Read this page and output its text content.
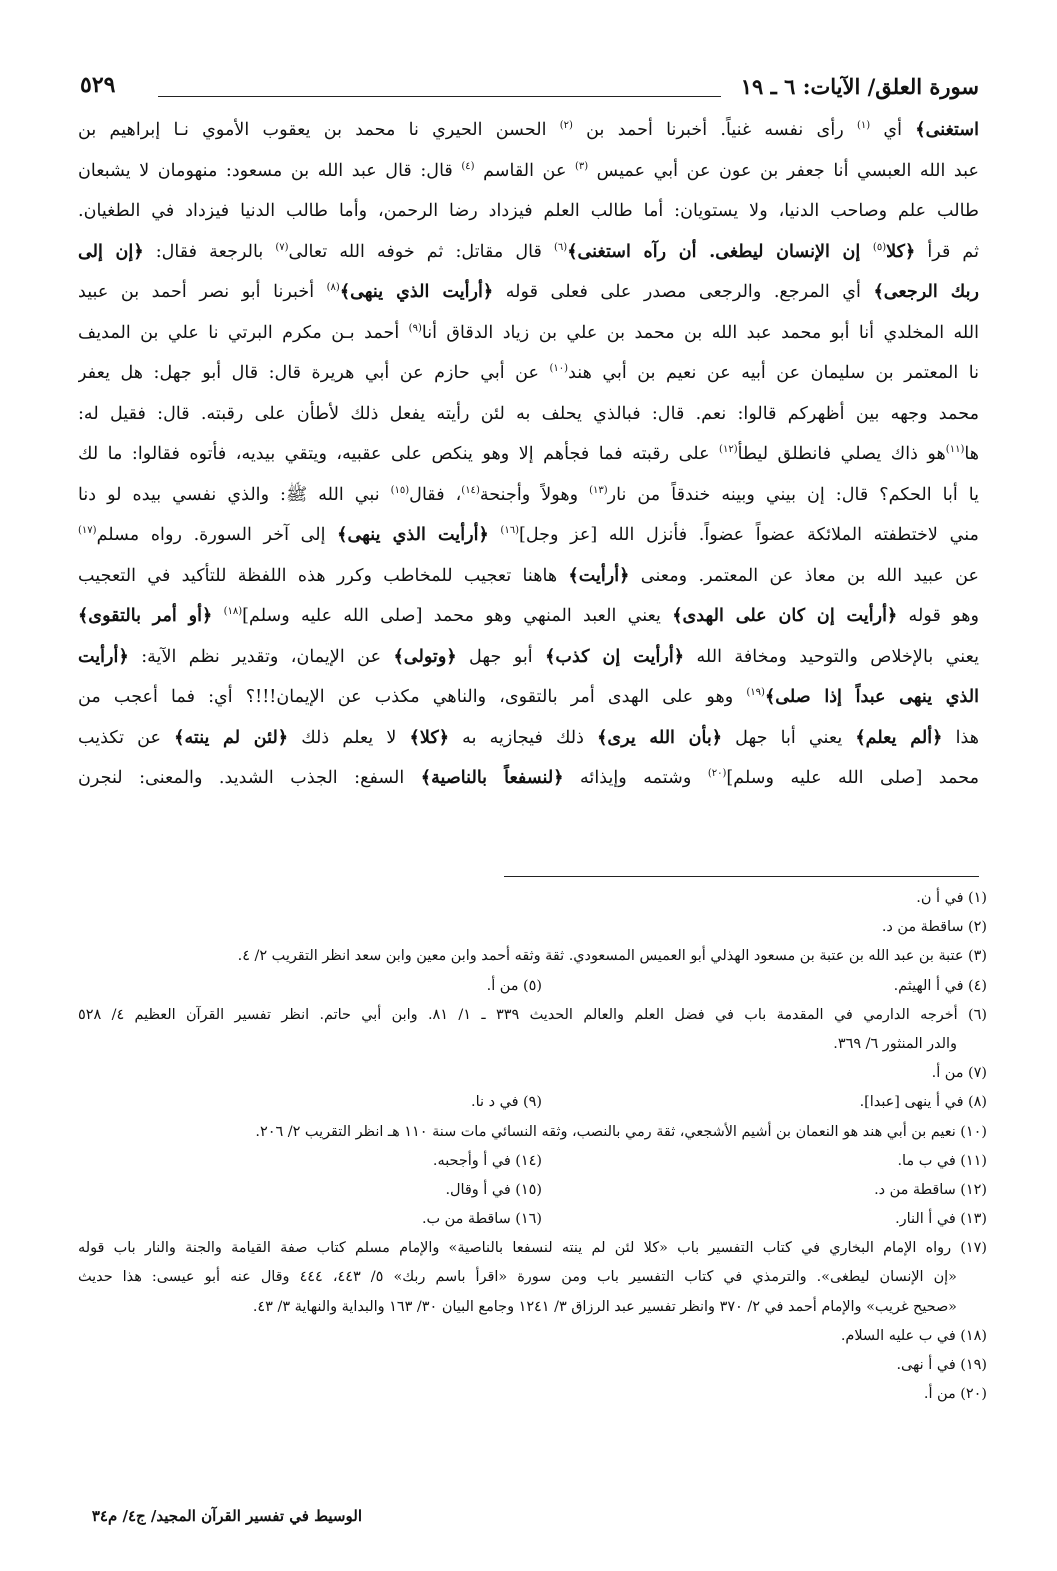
سورة العلق/ الآيات: ٦ ـ ١٩
٥٢٩
استغنى﴾ أي $^{(١)}$ رأى نفسه غنياً. أخبرنا أحمد بن $^{(٢)}$ الحسن الحيري نا محمد بن يعقوب الأموي نـا إبراهيم بن
عبد الله العبسي أنا جعفر بن عون عن أبي عميس $^{(٣)}$ عن القاسم $^{(٤)}$ قال: قال عبد الله بن مسعود: منهومان لا يشبعان
طالب علم وصاحب الدنيا، ولا يستويان: أما طالب العلم فيزداد رضا الرحمن، وأما طالب الدنيا فيزداد في الطغيان.
ثم قرأ ﴿كلا$^{(٥)}$ إن الإنسان ليطغى. أن رآه استغنى﴾$^{(٦)}$ قال مقاتل: ثم خوفه الله تعالى$^{(٧)}$ بالرجعة فقال: ﴿إن إلى
ربك الرجعى﴾ أي المرجع. والرجعى مصدر على فعلى قوله ﴿أرأيت الذي ينهى﴾$^{(٨)}$ أخبرنا أبو نصر أحمد بن عبيد
الله المخلدي أنا أبو محمد عبد الله بن محمد بن علي بن زياد الدقاق أنا$^{(٩)}$ أحمد بـن مكرم البرتي نا علي بن المديف
نا المعتمر بن سليمان عن أبيه عن نعيم بن أبي هند$^{(١٠)}$ عن أبي حازم عن أبي هريرة قال: قال أبو جهل: هل يعفر
محمد وجهه بين أظهركم قالوا: نعم. قال: فبالذي يحلف به لئن رأيته يفعل ذلك لأطأن على رقبته. قال: فقيل له:
ها$^{(١١)}$هو ذاك يصلي فانطلق ليطأ$^{(١٢)}$ على رقبته فما فجأهم إلا وهو ينكص على عقبيه، ويتقي بيديه، فأتوه فقالوا: ما لك
يا أبا الحكم؟ قال: إن بيني وبينه خندقاً من نار$^{(١٣)}$ وهولاً وأجنحة$^{(١٤)}$، فقال$^{(١٥)}$ نبي الله ﷺ: والذي نفسي بيده لو دنا
مني لاختطفته الملائكة عضواً عضواً. فأنزل الله [عز وجل]$^{(١٦)}$ ﴿أرأيت الذي ينهى﴾ إلى آخر السورة. رواه مسلم$^{(١٧)}$
عن عبيد الله بن معاذ عن المعتمر. ومعنى ﴿أرأيت﴾ هاهنا تعجيب للمخاطب وكرر هذه اللفظة للتأكيد في التعجيب
وهو قوله ﴿أرأيت إن كان على الهدى﴾ يعني العبد المنهي وهو محمد [صلى الله عليه وسلم]$^{(١٨)}$ ﴿أو أمر بالتقوى﴾
يعني بالإخلاص والتوحيد ومخافة الله ﴿أرأيت إن كذب﴾ أبو جهل ﴿وتولى﴾ عن الإيمان، وتقدير نظم الآية: ﴿أرأيت
الذي ينهى عبداً إذا صلى﴾$^{(١٩)}$ وهو على الهدى أمر بالتقوى، والناهي مكذب عن الإيمان!!!؟ أي: فما أعجب من
هذا ﴿ألم يعلم﴾ يعني أبا جهل ﴿بأن الله يرى﴾ ذلك فيجازيه به ﴿كلا﴾ لا يعلم ذلك ﴿لئن لم ينته﴾ عن تكذيب
محمد [صلى الله عليه وسلم]$^{(٢٠)}$ وشتمه وإيذائه ﴿لنسفعاً بالناصية﴾ السفع: الجذب الشديد. والمعنى: لنجرن
(١) في أ ن.
(٢) ساقطة من د.
(٣) عتبة بن عبد الله بن عتبة بن مسعود الهذلي أبو العميس المسعودي. ثقة وثقه أحمد وابن معين وابن سعد انظر التقريب ٢/ ٤.
(٤) في أ الهيثم.
(٥) من أ.
(٦) أخرجه الدارمي في المقدمة باب في فضل العلم والعالم الحديث ٣٣٩ ـ ١/ ٨١. وابن أبي حاتم. انظر تفسير القرآن العظيم ٤/ ٥٢٨
والدر المنثور ٦/ ٣٦٩.
(٧) من أ.
(٨) في أ ينهى [عبدا].
(٩) في د نا.
(١٠) نعيم بن أبي هند هو النعمان بن أشيم الأشجعي، ثقة رمي بالنصب، وثقه النسائي مات سنة ١١٠ هـ انظر التقريب ٢/ ٢٠٦.
(١١) في ب ما.
(١٤) في أ وأجحبه.
(١٢) ساقطة من د.
(١٥) في أ وقال.
(١٣) في أ النار.
(١٦) ساقطة من ب.
(١٧) رواه الإمام البخاري في كتاب التفسير باب «كلا لئن لم ينته لنسفعا بالناصية» والإمام مسلم كتاب صفة القيامة والجنة والنار باب قوله
«إن الإنسان ليطغى». والترمذي في كتاب التفسير باب ومن سورة «اقرأ باسم ربك» ٥/ ٤٤٣، ٤٤٤ وقال عنه أبو عيسى: هذا حديث
«صحيح غريب» والإمام أحمد في ٢/ ٣٧٠ وانظر تفسير عبد الرزاق ٣/ ١٢٤١ وجامع البيان ٣٠/ ١٦٣ والبداية والنهاية ٣/ ٤٣.
(١٨) في ب عليه السلام.
(١٩) في أ نهى.
(٢٠) من أ.
الوسيط في تفسير القرآن المجيد/ ج٤/ م٣٤
